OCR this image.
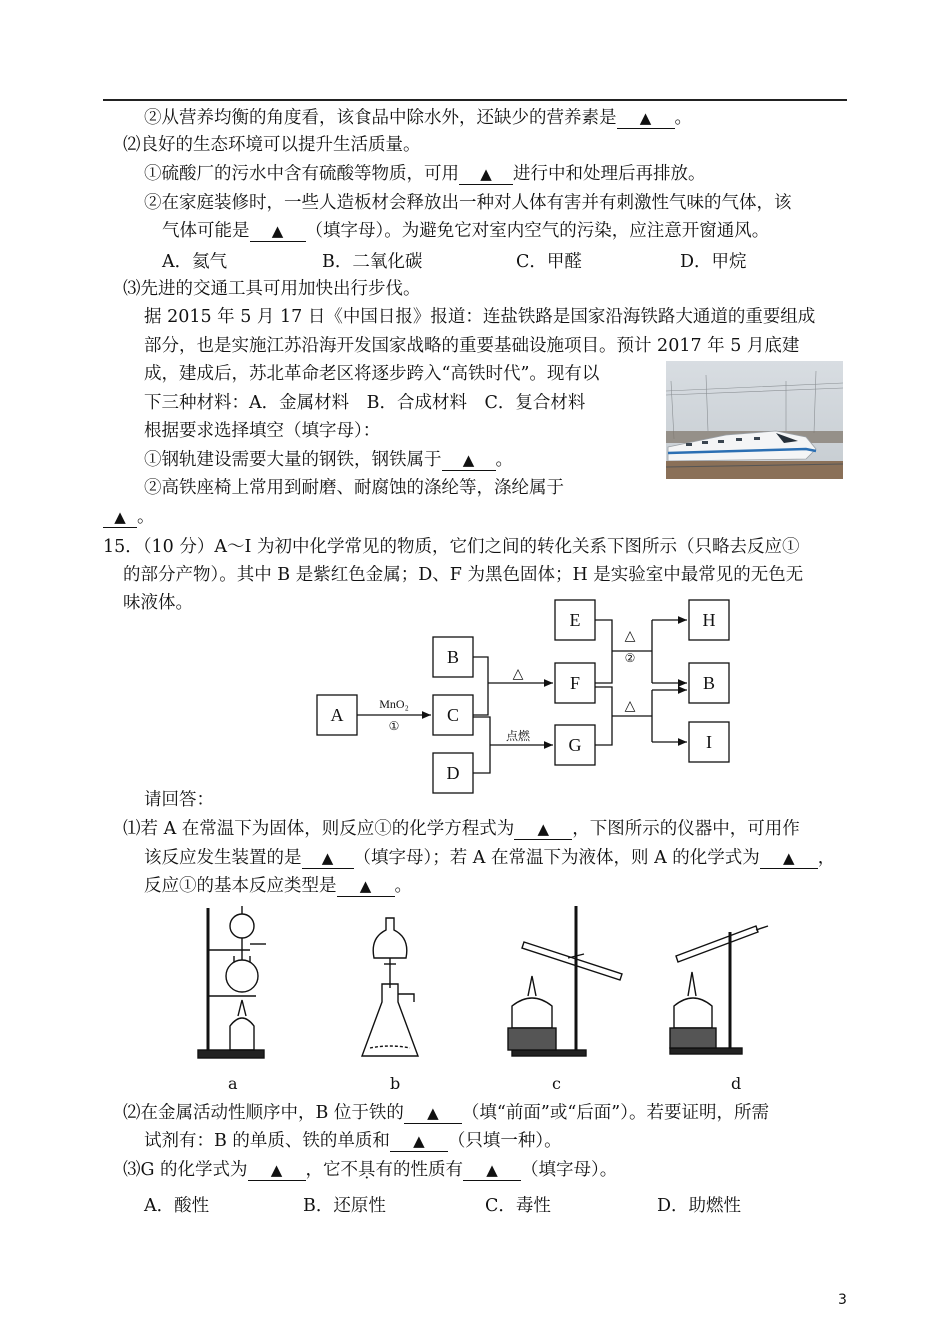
②从营养均衡的角度看，该食品中除水外，还缺少的营养素是 ▲ 。
⑵良好的生态环境可以提升生活质量。
①硫酸厂的污水中含有硫酸等物质，可用 ▲ 进行中和处理后再排放。
②在家庭装修时，一些人造板材会释放出一种对人体有害并有刺激性气味的气体，该
气体可能是 ▲ （填字母）。为避免它对室内空气的污染，应注意开窗通风。
A．氦气	B．二氧化碳	C．甲醛	D．甲烷
⑶先进的交通工具可用加快出行步伐。
据 2015 年 5 月 17 日《中国日报》报道：连盐铁路是国家沿海铁路大通道的重要组成
部分，也是实施江苏沿海开发国家战略的重要基础设施项目。预计 2017 年 5 月底建
成，建成后，苏北革命老区将逐步跨入“高铁时代”。现有以
下三种材料：A．金属材料　B．合成材料　C．复合材料
根据要求选择填空（填字母）：
①钢轨建设需要大量的钢铁，钢铁属于 ▲ 。
②高铁座椅上常用到耐磨、耐腐蚀的涤纶等，涤纶属于
▲ 。
15．（10 分）A～I 为初中化学常见的物质，它们之间的转化关系下图所示（只略去反应①
的部分产物）。其中 B 是紫红色金属；D、F 为黑色固体；H 是实验室中最常见的无色无
味液体。
A
B
C
D
E
F
G
H
B
I
MnO₂
①
△
点燃
△
②
△
请回答：
⑴若 A 在常温下为固体，则反应①的化学方程式为 ▲ ，下图所示的仪器中，可用作
该反应发生装置的是 ▲ （填字母）；若 A 在常温下为液体，则 A 的化学式为 ▲ ，
反应①的基本反应类型是 ▲ 。
a	b	c	d
⑵在金属活动性顺序中，B 位于铁的 ▲ （填“前面”或“后面”）。若要证明，所需
试剂有：B 的单质、铁的单质和 ▲ （只填一种）。
⑶G 的化学式为 ▲ ，它不具有的性质有 ▲ （填字母）。
A．酸性	B．还原性	C．毒性	D．助燃性
3
